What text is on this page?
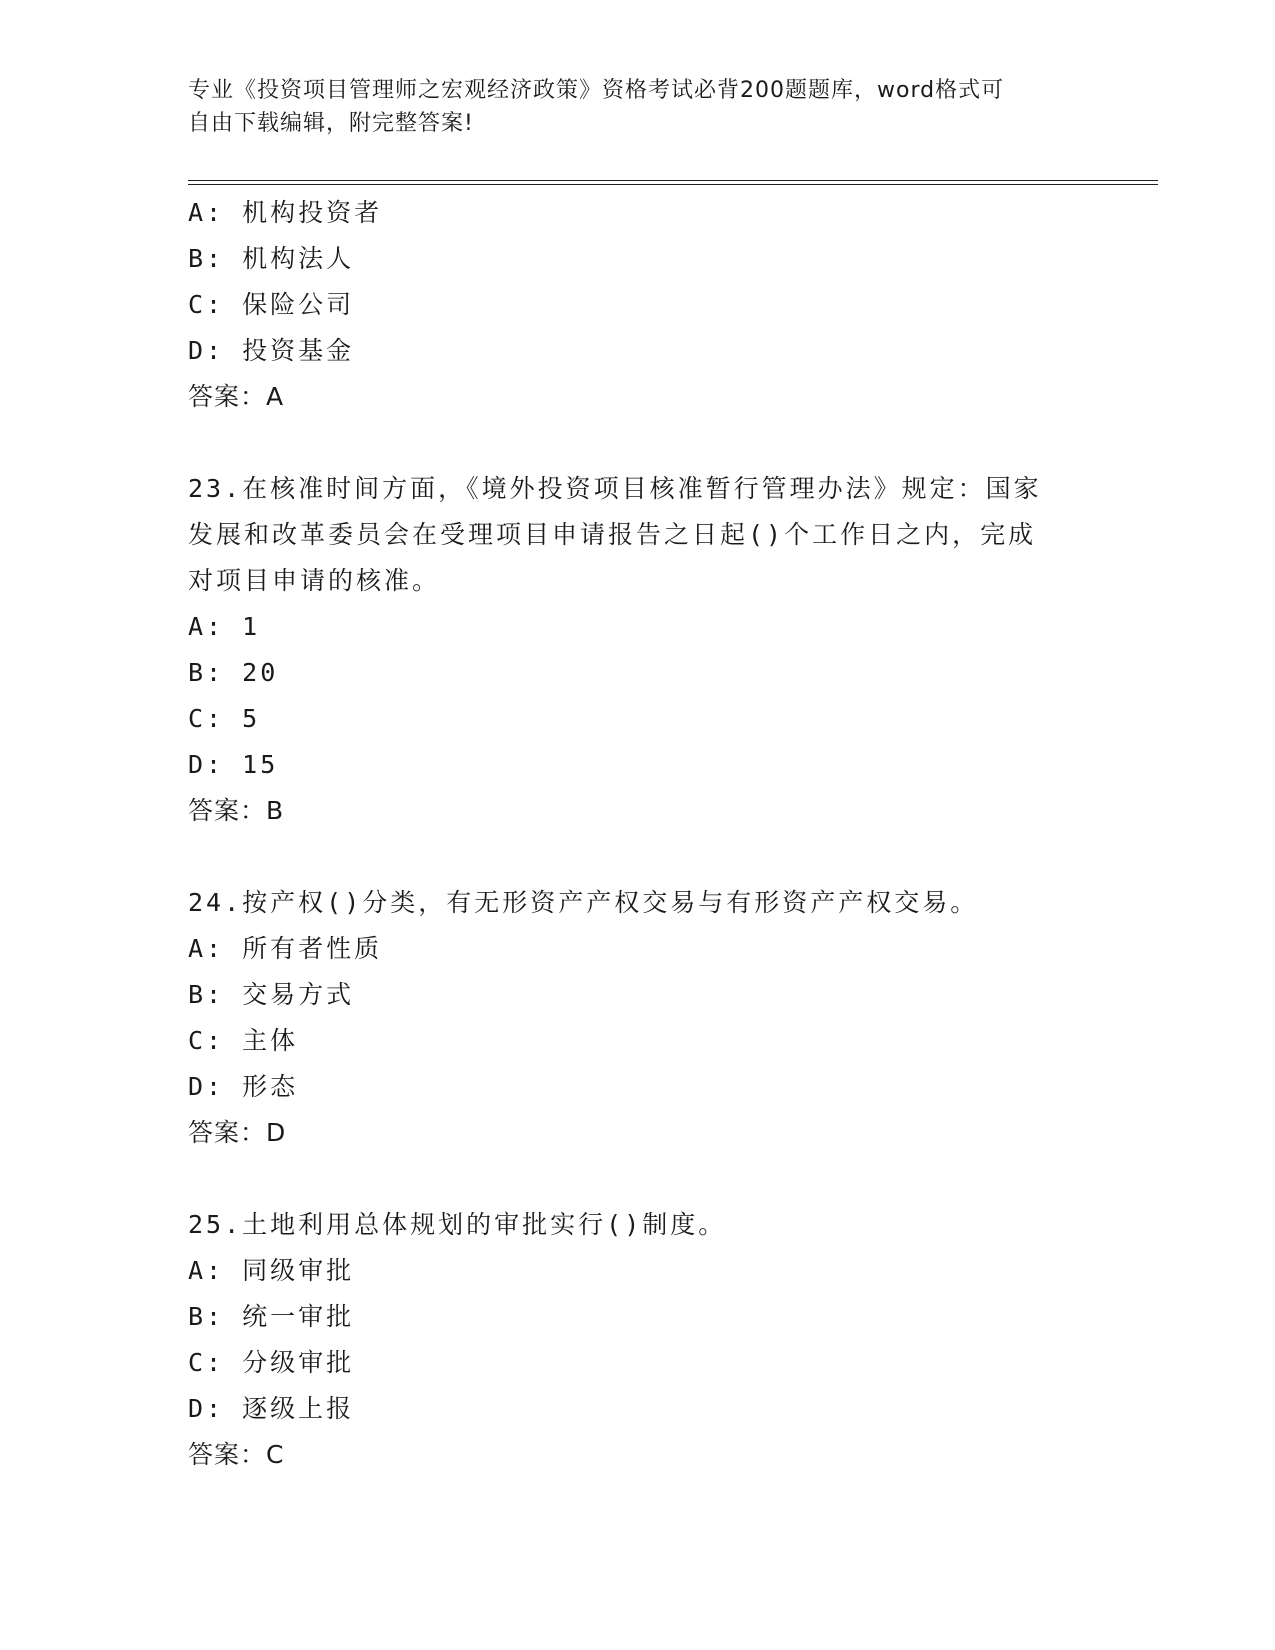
专业《投资项目管理师之宏观经济政策》资格考试必背200题题库，word格式可
自由下载编辑，附完整答案!
A: 机构投资者
B: 机构法人
C: 保险公司
D: 投资基金
答案：A
23.在核准时间方面，《境外投资项目核准暂行管理办法》规定：国家
发展和改革委员会在受理项目申请报告之日起()个工作日之内，完成
对项目申请的核准。
A: 1
B: 20
C: 5
D: 15
答案：B
24.按产权()分类，有无形资产产权交易与有形资产产权交易。
A: 所有者性质
B: 交易方式
C: 主体
D: 形态
答案：D
25.土地利用总体规划的审批实行()制度。
A: 同级审批
B: 统一审批
C: 分级审批
D: 逐级上报
答案：C
